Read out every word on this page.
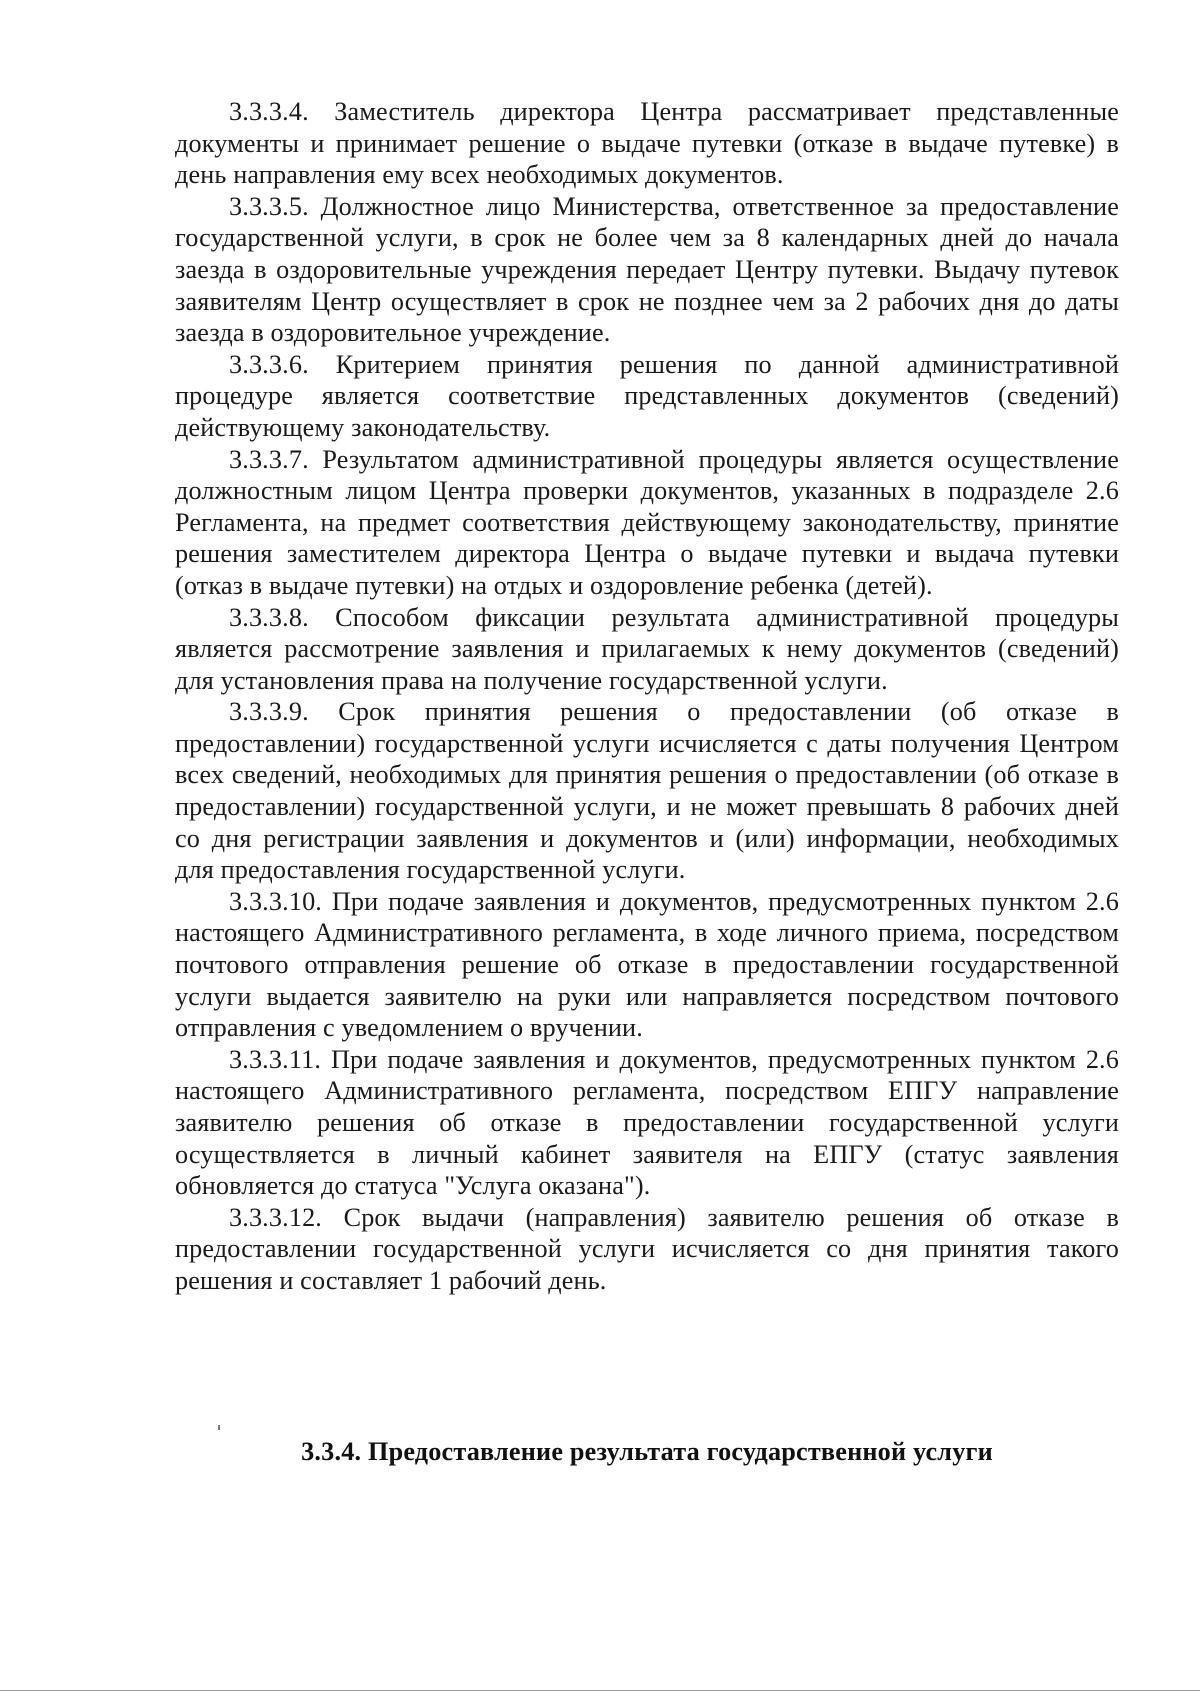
3.3.3.4. Заместитель директора Центра рассматривает представленные документы и принимает решение о выдаче путевки (отказе в выдаче путевке) в день направления ему всех необходимых документов.

3.3.3.5. Должностное лицо Министерства, ответственное за предоставление государственной услуги, в срок не более чем за 8 календарных дней до начала заезда в оздоровительные учреждения передает Центру путевки. Выдачу путевок заявителям Центр осуществляет в срок не позднее чем за 2 рабочих дня до даты заезда в оздоровительное учреждение.

3.3.3.6. Критерием принятия решения по данной административной процедуре является соответствие представленных документов (сведений) действующему законодательству.

3.3.3.7. Результатом административной процедуры является осуществление должностным лицом Центра проверки документов, указанных в подразделе 2.6 Регламента, на предмет соответствия действующему законодательству, принятие решения заместителем директора Центра о выдаче путевки и выдача путевки (отказ в выдаче путевки) на отдых и оздоровление ребенка (детей).

3.3.3.8. Способом фиксации результата административной процедуры является рассмотрение заявления и прилагаемых к нему документов (сведений) для установления права на получение государственной услуги.

3.3.3.9. Срок принятия решения о предоставлении (об отказе в предоставлении) государственной услуги исчисляется с даты получения Центром всех сведений, необходимых для принятия решения о предоставлении (об отказе в предоставлении) государственной услуги, и не может превышать 8 рабочих дней со дня регистрации заявления и документов и (или) информации, необходимых для предоставления государственной услуги.

3.3.3.10. При подаче заявления и документов, предусмотренных пунктом 2.6 настоящего Административного регламента, в ходе личного приема, посредством почтового отправления решение об отказе в предоставлении государственной услуги выдается заявителю на руки или направляется посредством почтового отправления с уведомлением о вручении.

3.3.3.11. При подаче заявления и документов, предусмотренных пунктом 2.6 настоящего Административного регламента, посредством ЕПГУ направление заявителю решения об отказе в предоставлении государственной услуги осуществляется в личный кабинет заявителя на ЕПГУ (статус заявления обновляется до статуса "Услуга оказана").

3.3.3.12. Срок выдачи (направления) заявителю решения об отказе в предоставлении государственной услуги исчисляется со дня принятия такого решения и составляет 1 рабочий день.

3.3.4. Предоставление результата государственной услуги
